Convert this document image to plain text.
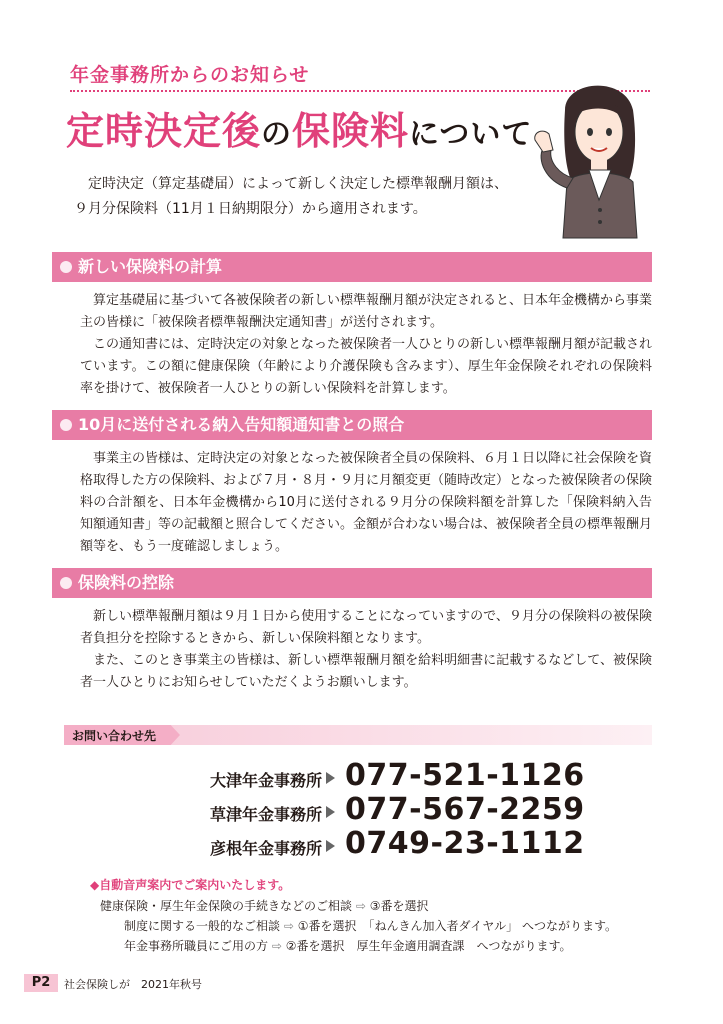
年金事務所からのお知らせ
定時決定後の保険料について

定時決定（算定基礎届）によって新しく決定した標準報酬月額は、

９月分保険料（11月１日納期限分）から適用されます。

新しい保険料の計算

算定基礎届に基づいて各被保険者の新しい標準報酬月額が決定されると、日本年金機構から事業主の皆様に「被保険者標準報酬決定通知書」が送付されます。

この通知書には、定時決定の対象となった被保険者一人ひとりの新しい標準報酬月額が記載されています。この額に健康保険（年齢により介護保険も含みます）、厚生年金保険それぞれの保険料率を掛けて、被保険者一人ひとりの新しい保険料を計算します。

10月に送付される納入告知額通知書との照合

事業主の皆様は、定時決定の対象となった被保険者全員の保険料、６月１日以降に社会保険を資格取得した方の保険料、および７月・８月・９月に月額変更（随時改定）となった被保険者の保険料の合計額を、日本年金機構から10月に送付される９月分の保険料額を計算した「保険料納入告知額通知書」等の記載額と照合してください。金額が合わない場合は、被保険者全員の標準報酬月額等を、もう一度確認しましょう。

保険料の控除

新しい標準報酬月額は９月１日から使用することになっていますので、９月分の保険料の被保険者負担分を控除するときから、新しい保険料額となります。

また、このとき事業主の皆様は、新しい標準報酬月額を給料明細書に記載するなどして、被保険者一人ひとりにお知らせしていただくようお願いします。

お問い合わせ先
大津年金事務所 077-521-1126
草津年金事務所 077-567-2259
彦根年金事務所 0749-23-1112
◆自動音声案内でご案内いたします。
健康保険・厚生年金保険の手続きなどのご相談 ⇨ ③番を選択
制度に関する一般的なご相談 ⇨ ①番を選択　「ねんきん加入者ダイヤル」 へつながります。
年金事務所職員にご用の方 ⇨ ②番を選択　厚生年金適用調査課　へつながります。
P2	社会保険しが　2021年秋号
